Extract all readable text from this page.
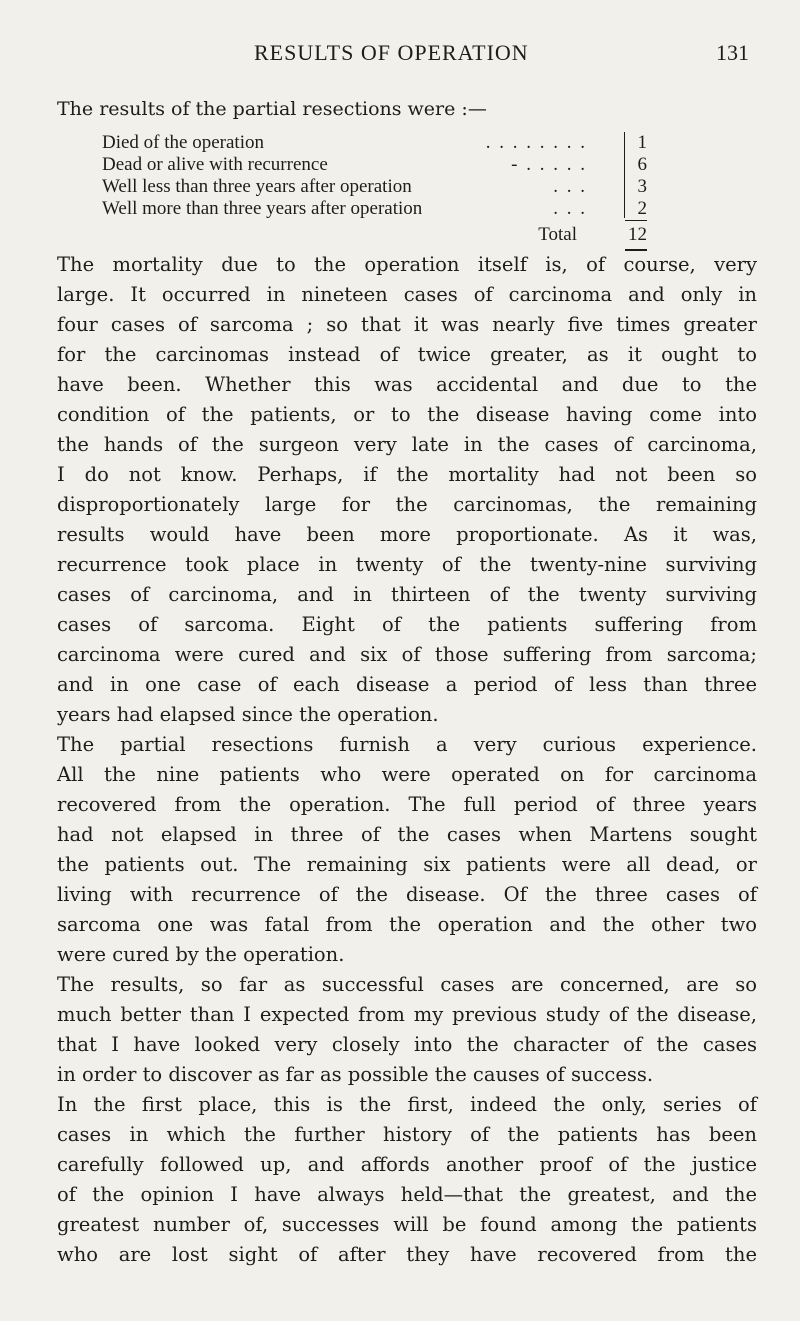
RESULTS OF OPERATION	131
The results of the partial resections were :—
Died of the operation	. . . . . . . .	1
Dead or alive with recurrence	- . . . . .	6
Well less than three years after operation	. . .	3
Well more than three years after operation	. . .	2
Total	12
The mortality due to the operation itself is, of course, very
large. It occurred in nineteen cases of carcinoma and only in
four cases of sarcoma ; so that it was nearly five times greater
for the carcinomas instead of twice greater, as it ought to
have been. Whether this was accidental and due to the
condition of the patients, or to the disease having come into
the hands of the surgeon very late in the cases of carcinoma,
I do not know. Perhaps, if the mortality had not been so
disproportionately large for the carcinomas, the remaining
results would have been more proportionate. As it was,
recurrence took place in twenty of the twenty-nine surviving
cases of carcinoma, and in thirteen of the twenty surviving
cases of sarcoma. Eight of the patients suffering from
carcinoma were cured and six of those suffering from sarcoma;
and in one case of each disease a period of less than three
years had elapsed since the operation.
The partial resections furnish a very curious experience.
All the nine patients who were operated on for carcinoma
recovered from the operation. The full period of three years
had not elapsed in three of the cases when Martens sought
the patients out. The remaining six patients were all dead, or
living with recurrence of the disease. Of the three cases of
sarcoma one was fatal from the operation and the other two
were cured by the operation.
The results, so far as successful cases are concerned, are so
much better than I expected from my previous study of the disease,
that I have looked very closely into the character of the cases
in order to discover as far as possible the causes of success.
In the first place, this is the first, indeed the only, series of
cases in which the further history of the patients has been
carefully followed up, and affords another proof of the justice
of the opinion I have always held—that the greatest, and the
greatest number of, successes will be found among the patients
who are lost sight of after they have recovered from the
